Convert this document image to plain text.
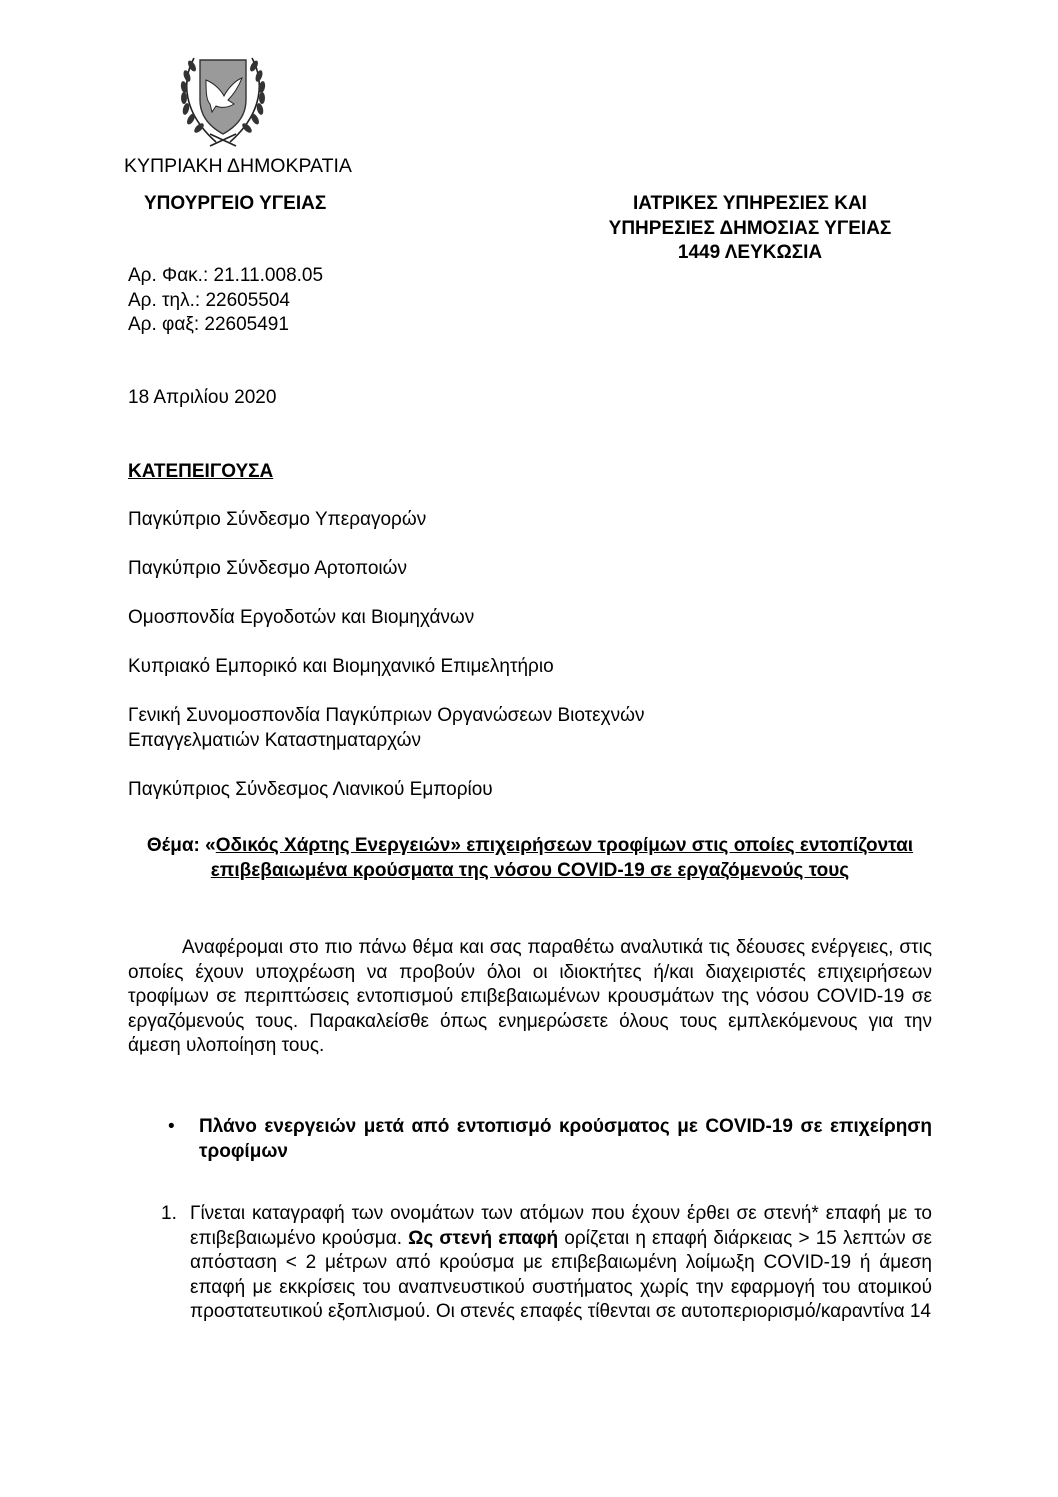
ΚΥΠΡΙΑΚΗ ΔΗΜΟΚΡΑΤΙΑ
ΥΠΟΥΡΓΕΙΟ ΥΓΕΙΑΣ	ΙΑΤΡΙΚΕΣ ΥΠΗΡΕΣΙΕΣ ΚΑΙ
ΥΠΗΡΕΣΙΕΣ ΔΗΜΟΣΙΑΣ ΥΓΕΙΑΣ
1449 ΛΕΥΚΩΣΙΑ
Αρ. Φακ.: 21.11.008.05
Αρ. τηλ.: 22605504
Αρ. φαξ: 22605491
18 Απριλίου 2020
ΚΑΤΕΠΕΙΓΟΥΣΑ
Παγκύπριο Σύνδεσμο Υπεραγορών
Παγκύπριο Σύνδεσμο Αρτοποιών
Ομοσπονδία Εργοδοτών και Βιομηχάνων
Κυπριακό Εμπορικό και Βιομηχανικό Επιμελητήριο
Γενική Συνομοσπονδία Παγκύπριων Οργανώσεων Βιοτεχνών Επαγγελματιών Καταστηματαρχών
Παγκύπριος Σύνδεσμος Λιανικού Εμπορίου
Θέμα: «Οδικός Χάρτης Ενεργειών» επιχειρήσεων τροφίμων στις οποίες εντοπίζονται επιβεβαιωμένα κρούσματα της νόσου COVID-19 σε εργαζόμενούς τους
Αναφέρομαι στο πιο πάνω θέμα και σας παραθέτω αναλυτικά τις δέουσες ενέργειες, στις οποίες έχουν υποχρέωση να προβούν όλοι οι ιδιοκτήτες ή/και διαχειριστές επιχειρήσεων τροφίμων σε περιπτώσεις εντοπισμού επιβεβαιωμένων κρουσμάτων της νόσου COVID-19 σε εργαζόμενούς τους. Παρακαλείσθε όπως ενημερώσετε όλους τους εμπλεκόμενους για την άμεση υλοποίηση τους.
• Πλάνο ενεργειών μετά από εντοπισμό κρούσματος με COVID-19 σε επιχείρηση τροφίμων
1. Γίνεται καταγραφή των ονομάτων των ατόμων που έχουν έρθει σε στενή* επαφή με το επιβεβαιωμένο κρούσμα. Ως στενή επαφή ορίζεται η επαφή διάρκειας > 15 λεπτών σε απόσταση < 2 μέτρων από κρούσμα με επιβεβαιωμένη λοίμωξη COVID-19 ή άμεση επαφή με εκκρίσεις του αναπνευστικού συστήματος χωρίς την εφαρμογή του ατομικού προστατευτικού εξοπλισμού. Οι στενές επαφές τίθενται σε αυτοπεριορισμό/καραντίνα 14
